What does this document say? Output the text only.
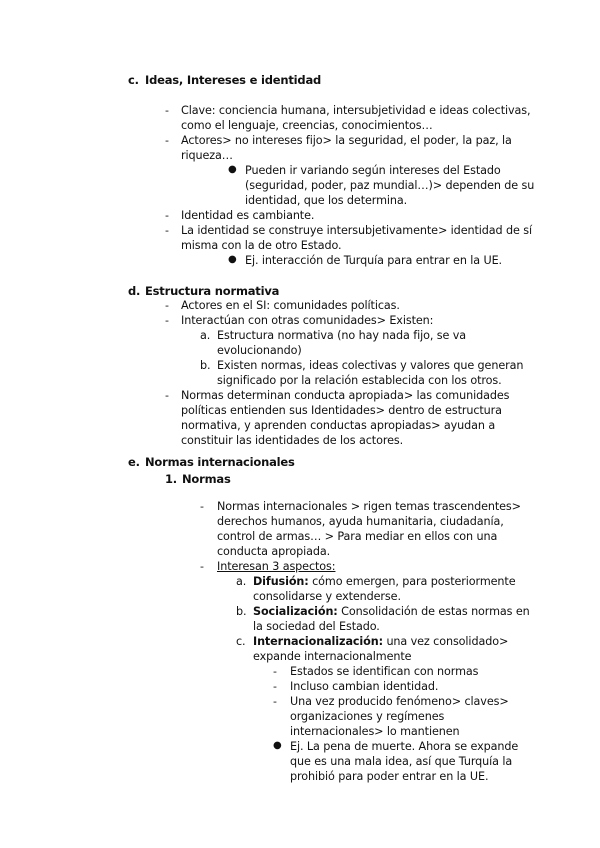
c. Ideas, Intereses e identidad
- Clave: conciencia humana, intersubjetividad e ideas colectivas,
como el lenguaje, creencias, conocimientos…
- Actores> no intereses fijo> la seguridad, el poder, la paz, la
riqueza…
● Pueden ir variando según intereses del Estado
(seguridad, poder, paz mundial…)> dependen de su
identidad, que los determina.
- Identidad es cambiante.
- La identidad se construye intersubjetivamente> identidad de sí
misma con la de otro Estado.
● Ej. interacción de Turquía para entrar en la UE.
d. Estructura normativa
- Actores en el SI: comunidades políticas.
- Interactúan con otras comunidades> Existen:
a. Estructura normativa (no hay nada fijo, se va
evolucionando)
b. Existen normas, ideas colectivas y valores que generan
significado por la relación establecida con los otros.
- Normas determinan conducta apropiada> las comunidades
políticas entienden sus Identidades> dentro de estructura
normativa, y aprenden conductas apropiadas> ayudan a
constituir las identidades de los actores.
e. Normas internacionales
1. Normas
- Normas internacionales > rigen temas trascendentes>
derechos humanos, ayuda humanitaria, ciudadanía,
control de armas… > Para mediar en ellos con una
conducta apropiada.
- Interesan 3 aspectos:
a. Difusión: cómo emergen, para posteriormente
consolidarse y extenderse.
b. Socialización: Consolidación de estas normas en
la sociedad del Estado.
c. Internacionalización: una vez consolidado>
expande internacionalmente
- Estados se identifican con normas
- Incluso cambian identidad.
- Una vez producido fenómeno> claves>
organizaciones y regímenes
internacionales> lo mantienen
● Ej. La pena de muerte. Ahora se expande
que es una mala idea, así que Turquía la
prohibió para poder entrar en la UE.
